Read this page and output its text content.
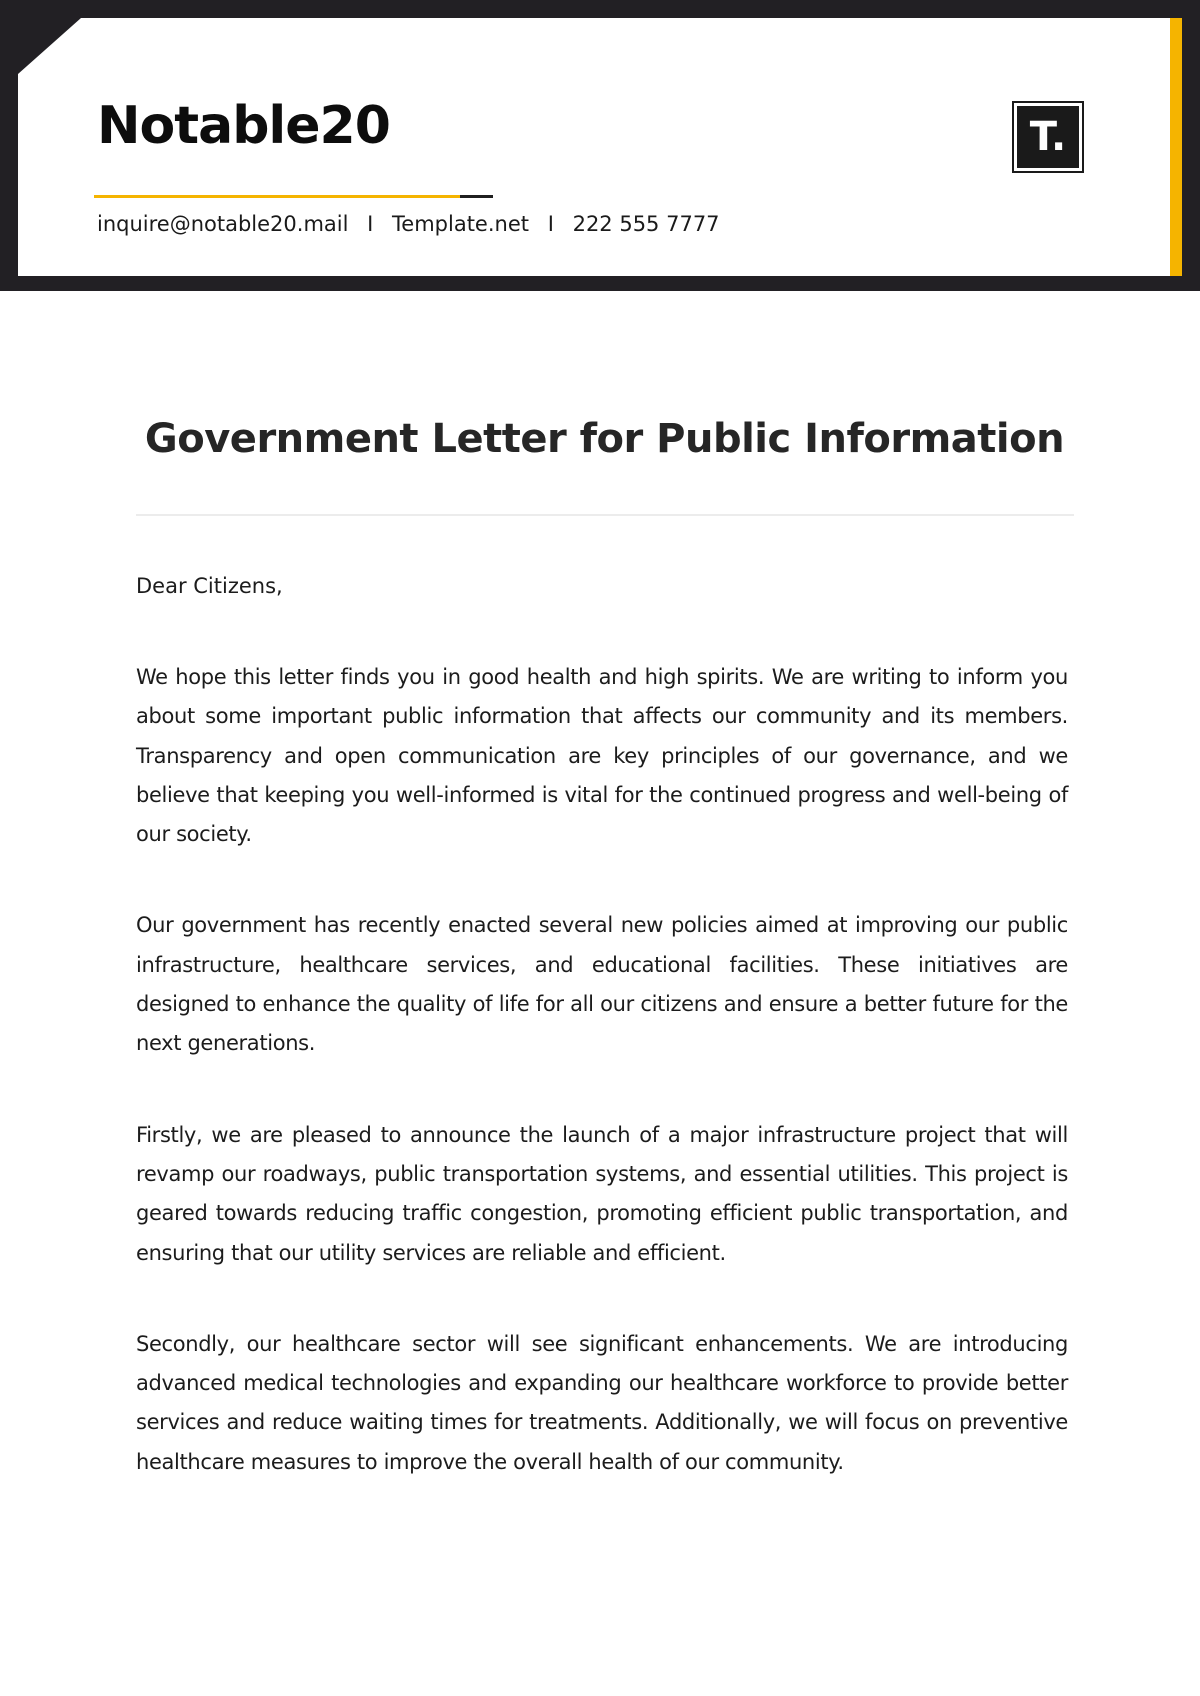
Notable20
inquire@notable20.mail I Template.net I 222 555 7777
T.
Government Letter for Public Information

Dear Citizens,

We hope this letter finds you in good health and high spirits. We are writing to inform you about some important public information that affects our community and its members. Transparency and open communication are key principles of our governance, and we believe that keeping you well-informed is vital for the continued progress and well-being of our society.

Our government has recently enacted several new policies aimed at improving our public infrastructure, healthcare services, and educational facilities. These initiatives are designed to enhance the quality of life for all our citizens and ensure a better future for the next generations.

Firstly, we are pleased to announce the launch of a major infrastructure project that will revamp our roadways, public transportation systems, and essential utilities. This project is geared towards reducing traffic congestion, promoting efficient public transportation, and ensuring that our utility services are reliable and efficient.

Secondly, our healthcare sector will see significant enhancements. We are introducing advanced medical technologies and expanding our healthcare workforce to provide better services and reduce waiting times for treatments. Additionally, we will focus on preventive healthcare measures to improve the overall health of our community.
